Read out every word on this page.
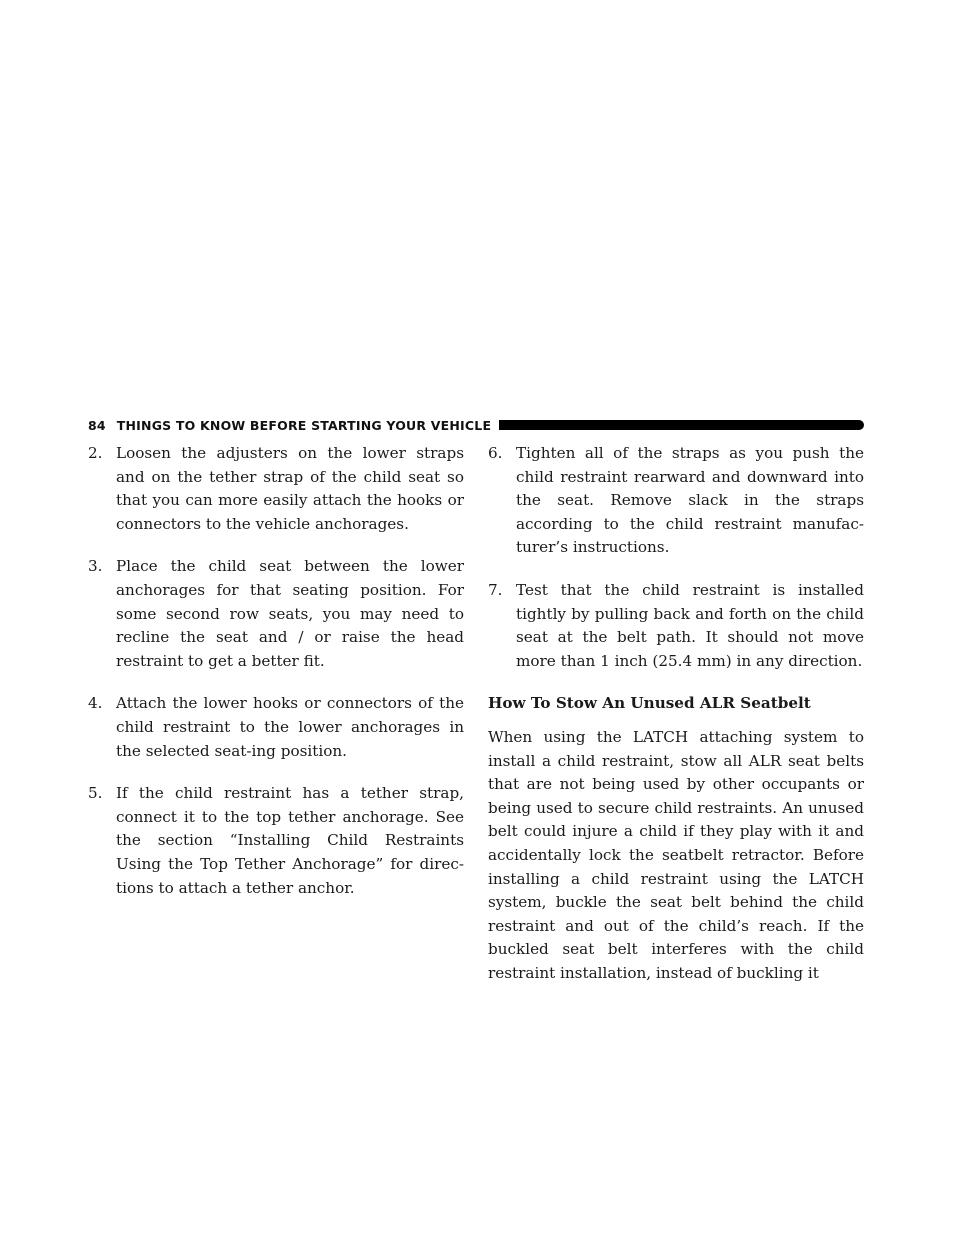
84 THINGS TO KNOW BEFORE STARTING YOUR VEHICLE
2. Loosen the adjusters on the lower straps and on the tether strap of the child seat so that you can more easily attach the hooks or connectors to the vehicle anchorages.
3. Place the child seat between the lower anchorages for that seating position. For some second row seats, you may need to recline the seat and / or raise the head restraint to get a better fit.
4. Attach the lower hooks or connectors of the child restraint to the lower anchorages in the selected seat-ing position.
5. If the child restraint has a tether strap, connect it to the top tether anchorage. See the section “Installing Child Restraints Using the Top Tether Anchorage” for direc-tions to attach a tether anchor.
6. Tighten all of the straps as you push the child restraint rearward and downward into the seat. Remove slack in the straps according to the child restraint manufac-turer’s instructions.
7. Test that the child restraint is installed tightly by pulling back and forth on the child seat at the belt path. It should not move more than 1 inch (25.4 mm) in any direction.
How To Stow An Unused ALR Seatbelt

When using the LATCH attaching system to install a child restraint, stow all ALR seat belts that are not being used by other occupants or being used to secure child restraints. An unused belt could injure a child if they play with it and accidentally lock the seatbelt retractor. Before installing a child restraint using the LATCH system, buckle the seat belt behind the child restraint and out of the child’s reach. If the buckled seat belt interferes with the child restraint installation, instead of buckling it
